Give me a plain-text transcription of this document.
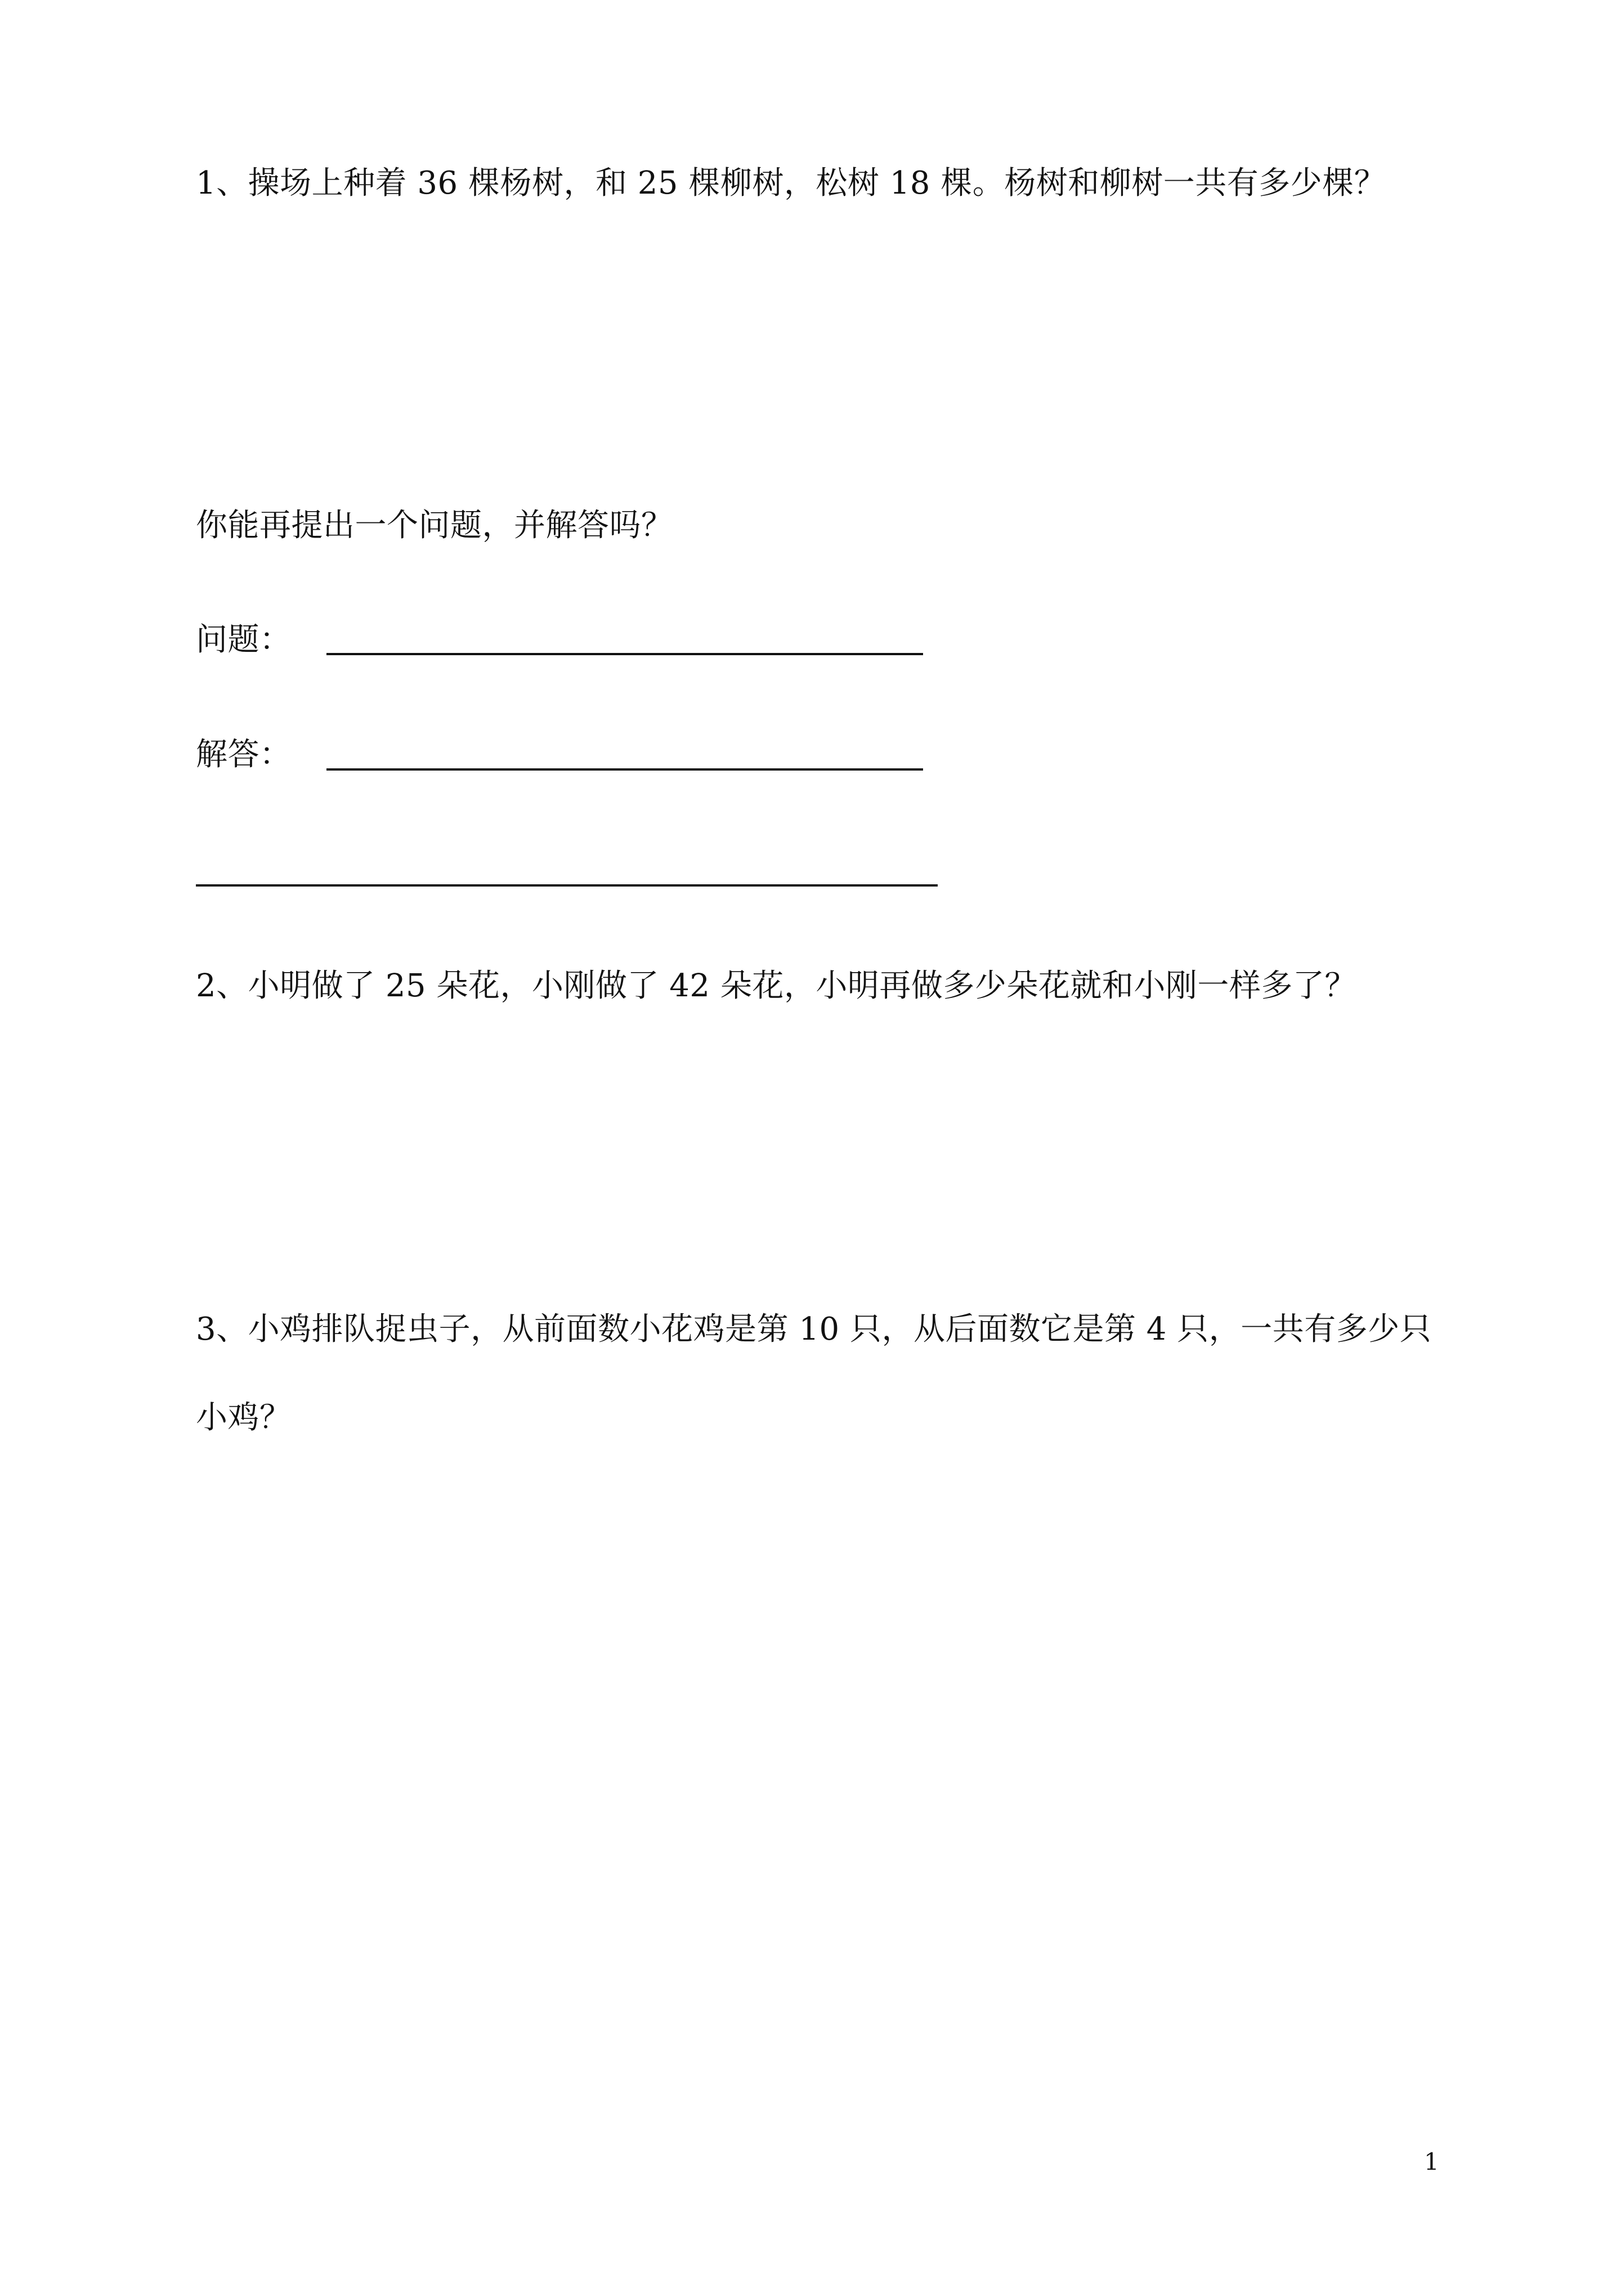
1、操场上种着 36 棵杨树，和 25 棵柳树，松树 18 棵。杨树和柳树一共有多少棵？
你能再提出一个问题，并解答吗？
问题：
解答：
2、小明做了 25 朵花，小刚做了 42 朵花，小明再做多少朵花就和小刚一样多了？
3、小鸡排队捉虫子，从前面数小花鸡是第 10 只，从后面数它是第 4 只，一共有多少只
小鸡？
1
